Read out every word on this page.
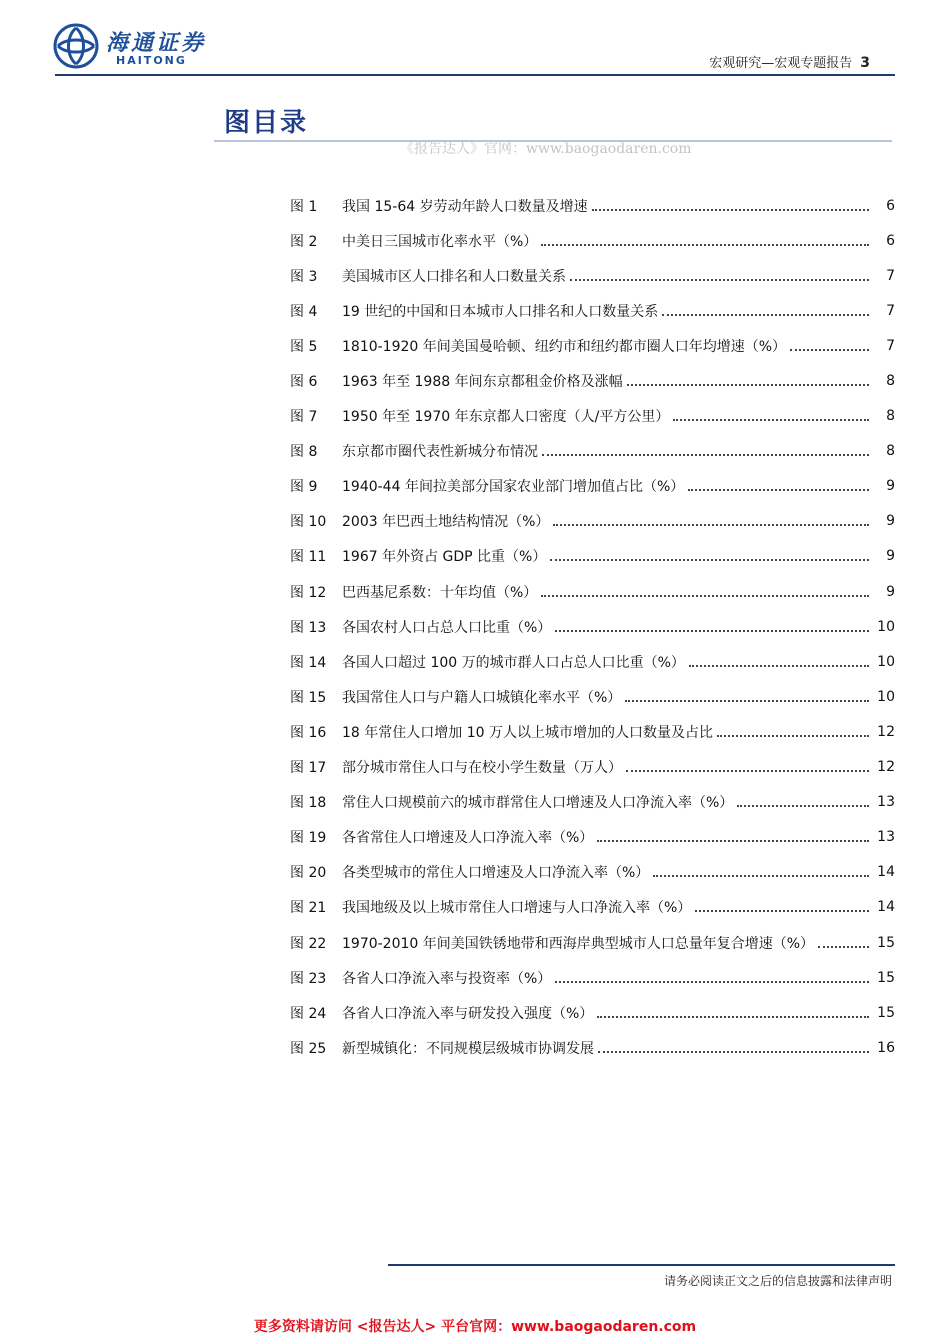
海通证券
HAITONG	宏观研究—宏观专题报告 3
图目录
《报告达人》官网：www.baogaodaren.com
图 1	我国 15-64 岁劳动年龄人口数量及增速	6
图 2	中美日三国城市化率水平（%）	6
图 3	美国城市区人口排名和人口数量关系	7
图 4	19 世纪的中国和日本城市人口排名和人口数量关系	7
图 5	1810-1920 年间美国曼哈顿、纽约市和纽约都市圈人口年均增速（%）	7
图 6	1963 年至 1988 年间东京都租金价格及涨幅	8
图 7	1950 年至 1970 年东京都人口密度（人/平方公里）	8
图 8	东京都市圈代表性新城分布情况	8
图 9	1940-44 年间拉美部分国家农业部门增加值占比（%）	9
图 10	2003 年巴西土地结构情况（%）	9
图 11	1967 年外资占 GDP 比重（%）	9
图 12	巴西基尼系数：十年均值（%）	9
图 13	各国农村人口占总人口比重（%）	10
图 14	各国人口超过 100 万的城市群人口占总人口比重（%）	10
图 15	我国常住人口与户籍人口城镇化率水平（%）	10
图 16	18 年常住人口增加 10 万人以上城市增加的人口数量及占比	12
图 17	部分城市常住人口与在校小学生数量（万人）	12
图 18	常住人口规模前六的城市群常住人口增速及人口净流入率（%）	13
图 19	各省常住人口增速及人口净流入率（%）	13
图 20	各类型城市的常住人口增速及人口净流入率（%）	14
图 21	我国地级及以上城市常住人口增速与人口净流入率（%）	14
图 22	1970-2010 年间美国铁锈地带和西海岸典型城市人口总量年复合增速（%）	15
图 23	各省人口净流入率与投资率（%）	15
图 24	各省人口净流入率与研发投入强度（%）	15
图 25	新型城镇化：不同规模层级城市协调发展	16
请务必阅读正文之后的信息披露和法律声明
更多资料请访问 <报告达人> 平台官网：www.baogaodaren.com
